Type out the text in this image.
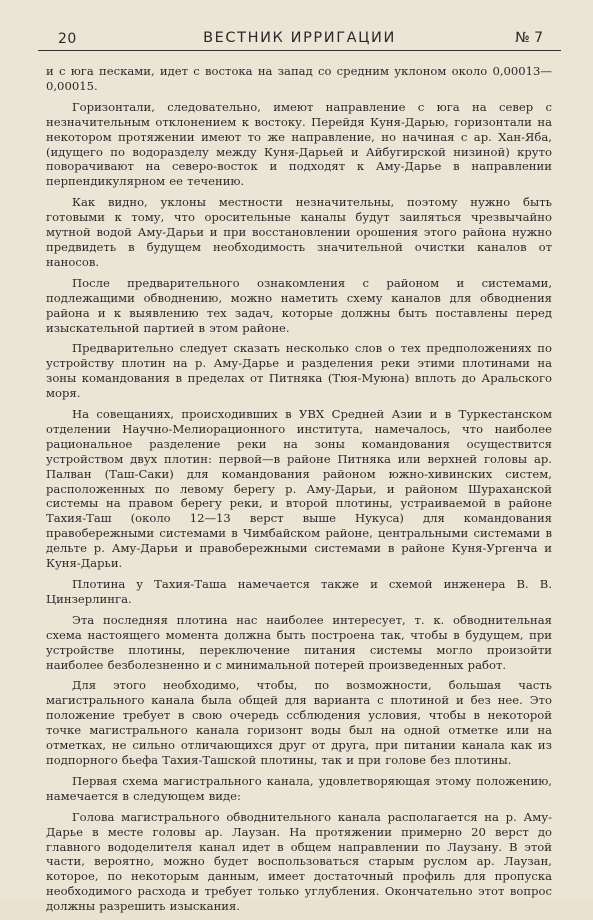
20	ВЕСТНИК ИРРИГАЦИИ	№ 7

и с юга песками, идет с востока на запад со средним уклоном около 0,00013—0,00015.

Горизонтали, следовательно, имеют направление с юга на север с незначительным отклонением к востоку. Перейдя Куня-Дарью, горизонтали на некотором протяжении имеют то же направление, но начиная с ар. Хан-Яба, (идущего по водоразделу между Куня-Дарьей и Айбугирской низиной) круто поворачивают на северо-восток и подходят к Аму-Дарье в направлении перпендикулярном ее течению.

Как видно, уклоны местности незначительны, поэтому нужно быть готовыми к тому, что оросительные каналы будут заиляться чрезвычайно мутной водой Аму-Дарьи и при восстановлении орошения этого района нужно предвидеть в будущем необходимость значительной очистки каналов от наносов.

После предварительного ознакомления с районом и системами, подлежащими обводнению, можно наметить схему каналов для обводнения района и к выявлению тех задач, которые должны быть поставлены перед изыскательной партией в этом районе.

Предварительно следует сказать несколько слов о тех предположениях по устройству плотин на р. Аму-Дарье и разделения реки этими плотинами на зоны командования в пределах от Питняка (Тюя-Муюна) вплоть до Аральского моря.

На совещаниях, происходивших в УВХ Средней Азии и в Туркестанском отделении Научно-Мелиорационного института, намечалось, что наиболее рациональное разделение реки на зоны командования осуществится устройством двух плотин: первой—в районе Питняка или верхней головы ар. Палван (Таш-Саки) для командования районом южно-хивинских систем, расположенных по левому берегу р. Аму-Дарьи, и районом Шураханской системы на правом берегу реки, и второй плотины, устраиваемой в районе Тахия-Таш (около 12—13 верст выше Нукуса) для командования правобережными системами в Чимбайском районе, центральными системами в дельте р. Аму-Дарьи и правобережными системами в районе Куня-Ургенча и Куня-Дарьи.

Плотина у Тахия-Таша намечается также и схемой инженера В. В. Цинзерлинга.

Эта последняя плотина нас наиболее интересует, т. к. обводнительная схема настоящего момента должна быть построена так, чтобы в будущем, при устройстве плотины, переключение питания системы могло произойти наиболее безболезненно и с минимальной потерей произведенных работ.

Для этого необходимо, чтобы, по возможности, большая часть магистрального канала была общей для варианта с плотиной и без нее. Это положение требует в свою очередь ссблюдения условия, чтобы в некоторой точке магистрального канала горизонт воды был на одной отметке или на отметках, не сильно отличающихся друг от друга, при питании канала как из подпорного бьефа Тахия-Ташской плотины, так и при голове без плотины.

Первая схема магистрального канала, удовлетворяющая этому положению, намечается в следующем виде:

Голова магистрального обводнительного канала располагается на р. Аму-Дарье в месте головы ар. Лаузан. На протяжении примерно 20 верст до главного вододелителя канал идет в общем направлении по Лаузану. В этой части, вероятно, можно будет воспользоваться старым руслом ар. Лаузан, которое, по некоторым данным, имеет достаточный профиль для пропуска необходимого расхода и требует только углубления. Окончательно этот вопрос должны разрешить изыскания.
